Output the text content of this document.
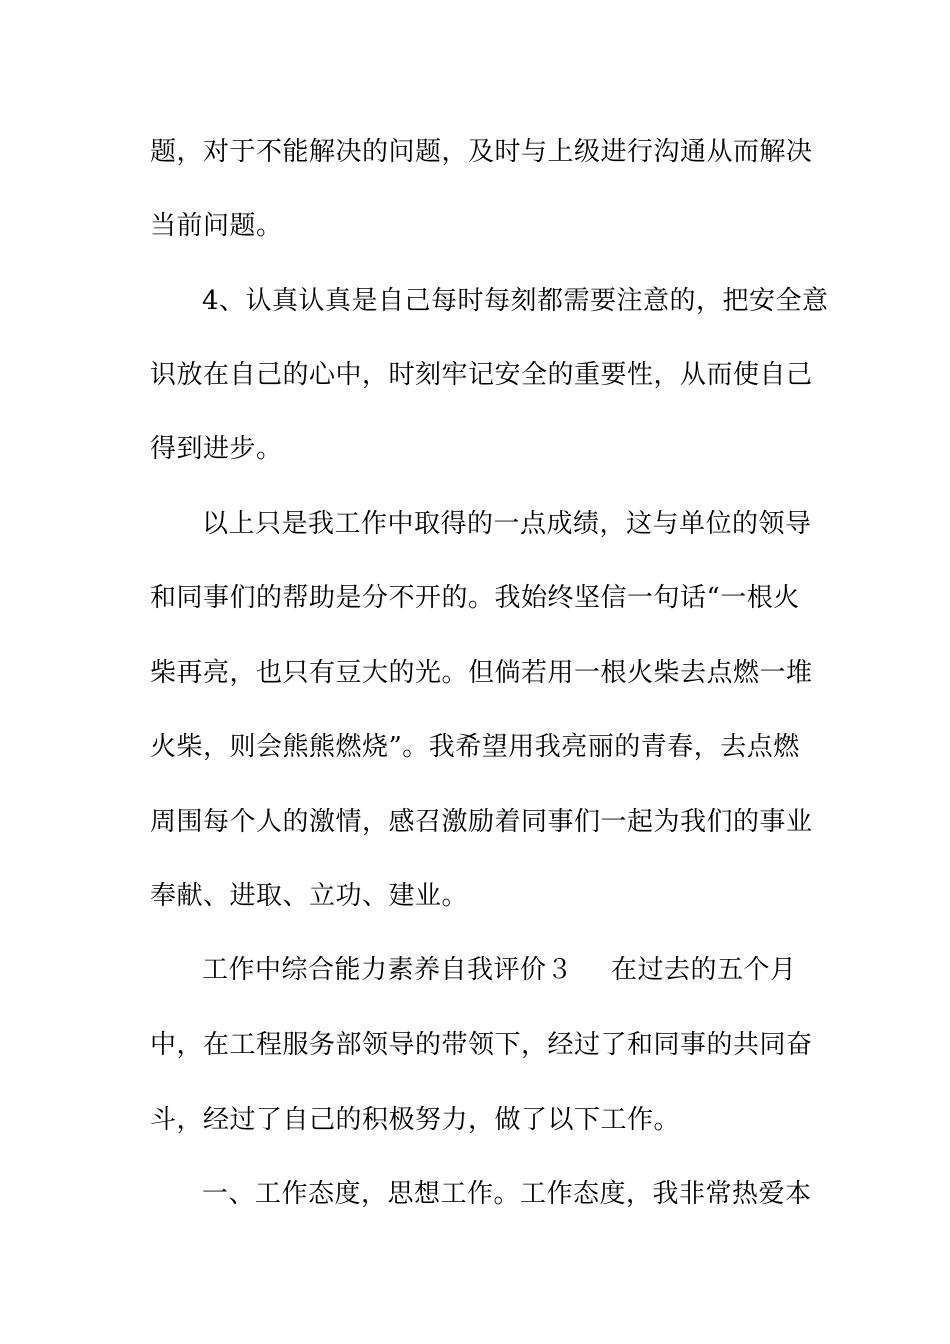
题，对于不能解决的问题，及时与上级进行沟通从而解决
当前问题。
4、认真认真是自己每时每刻都需要注意的，把安全意
识放在自己的心中，时刻牢记安全的重要性，从而使自己
得到进步。
以上只是我工作中取得的一点成绩，这与单位的领导
和同事们的帮助是分不开的。我始终坚信一句话“一根火
柴再亮，也只有豆大的光。但倘若用一根火柴去点燃一堆
火柴，则会熊熊燃烧”。我希望用我亮丽的青春，去点燃
周围每个人的激情，感召激励着同事们一起为我们的事业
奉献、进取、立功、建业。
工作中综合能力素养自我评价３ 在过去的五个月
中，在工程服务部领导的带领下，经过了和同事的共同奋
斗，经过了自己的积极努力，做了以下工作。
一、工作态度，思想工作。工作态度，我非常热爱本
